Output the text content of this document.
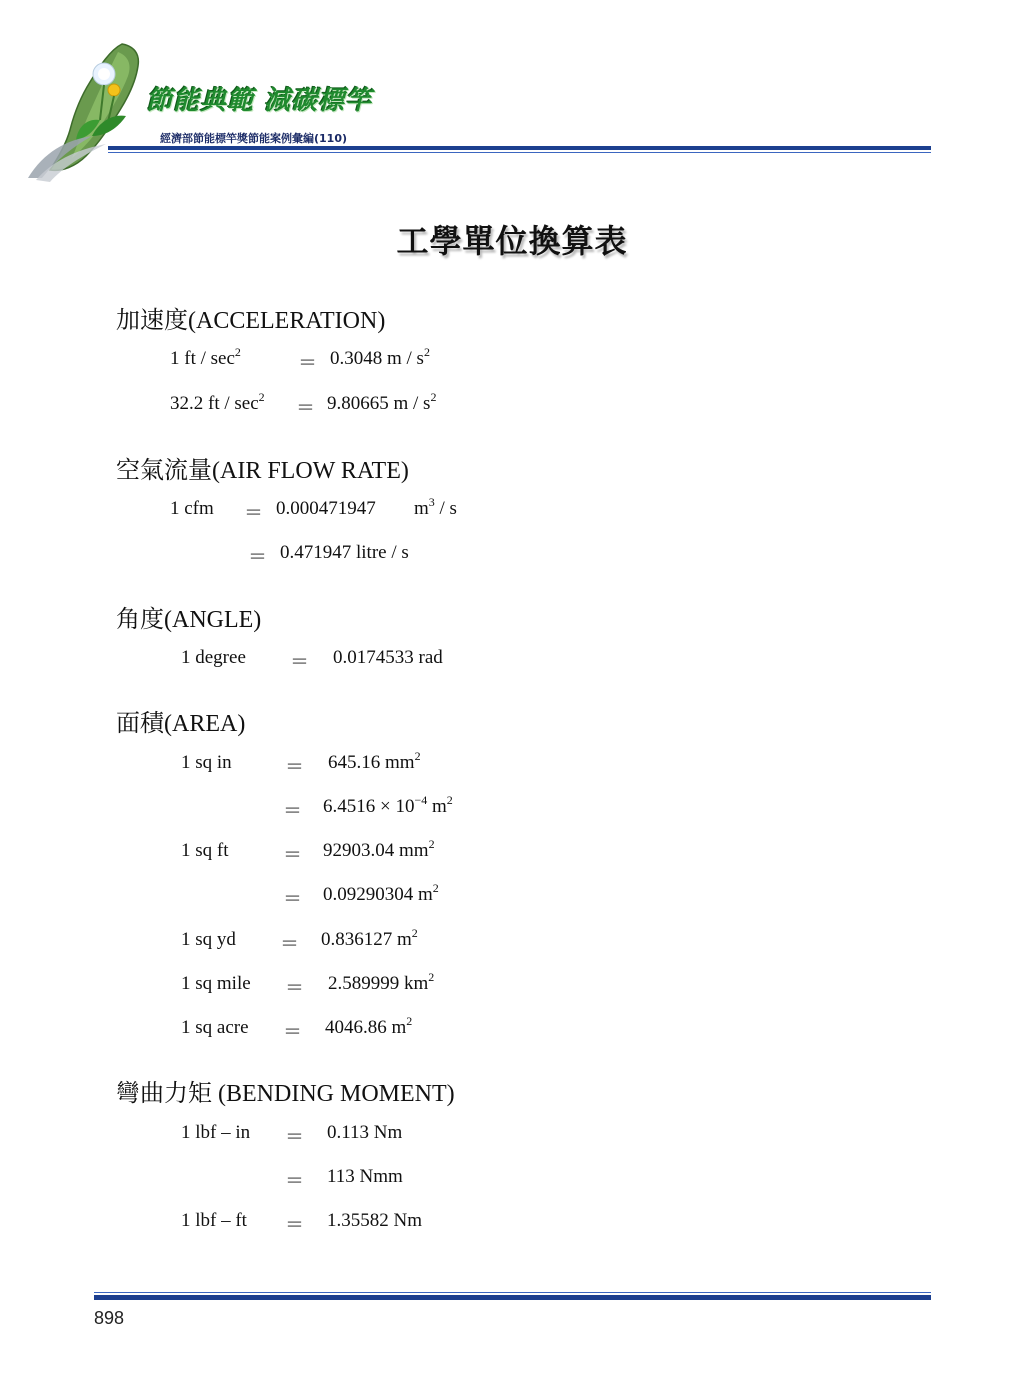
節能典範 減碳標竿
經濟部節能標竿獎節能案例彙編(110)
工學單位換算表
加速度(ACCELERATION)
1 ft / $\sec^2$
＝ 0.3048 m / $s^2$
32.2 ft / $\sec^2$
＝ 9.80665 m / $s^2$
空氣流量(AIR FLOW RATE)
1 cfm ＝ 0.000471947 $m^3$ / s
＝ 0.471947 litre / s
角度(ANGLE)
1 degree ＝ 0.0174533 rad
面積(AREA)
1 sq in	＝ 645.16 $mm^2$
＝ $6.4516 \times 10^{-4}$ $m^2$
1 sq ft	＝ 92903.04 $mm^2$
＝ 0.09290304 $m^2$
1 sq yd ＝ 0.836127 $m^2$
1 sq mile ＝ 2.589999 $km^2$
1 sq acre ＝ 4046.86 $m^2$
彎曲力矩 (BENDING MOMENT)
1 lbf – in ＝ 0.113 Nm
＝ 113 Nmm
1 lbf – ft ＝ 1.35582 Nm
898
